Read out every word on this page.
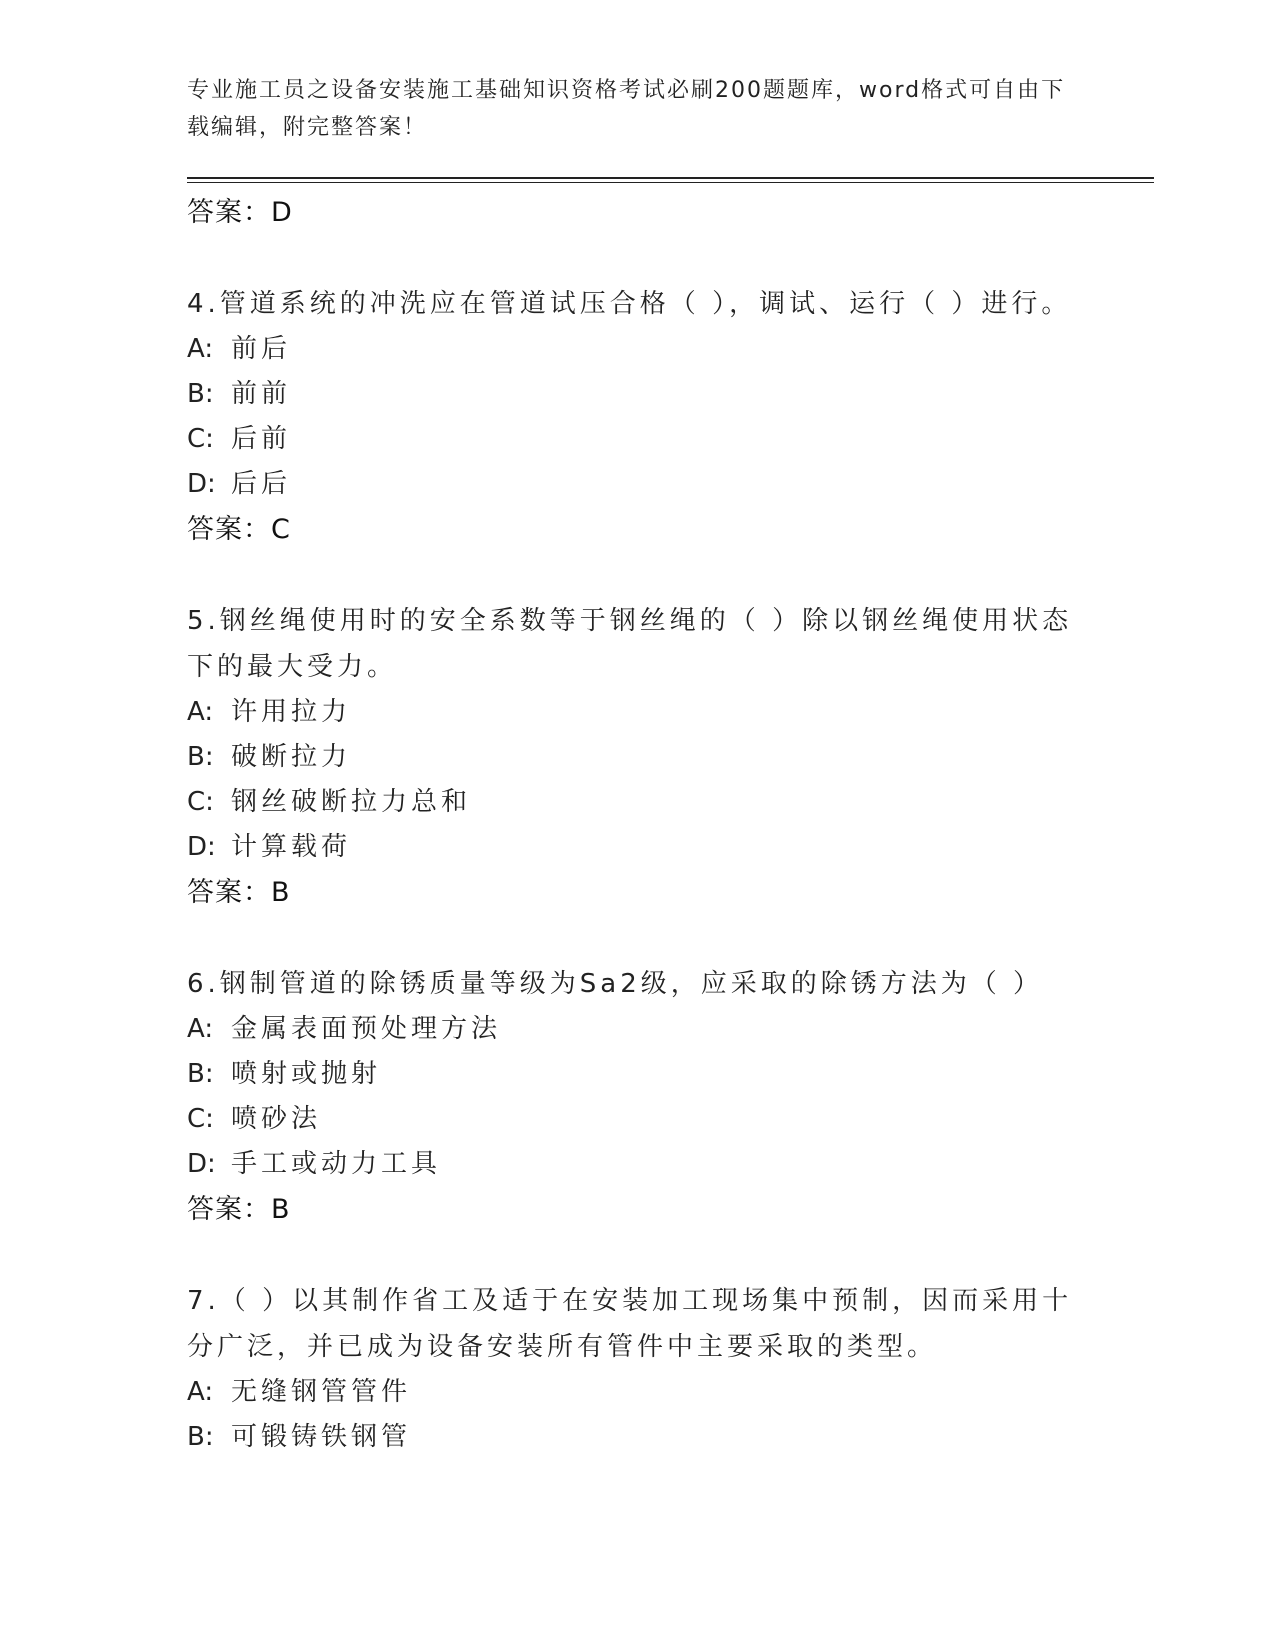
专业施工员之设备安装施工基础知识资格考试必刷200题题库，word格式可自由下载编辑，附完整答案！
答案：D
4.管道系统的冲洗应在管道试压合格（ ），调试、运行（ ）进行。
A: 前后
B: 前前
C: 后前
D: 后后
答案：C
5.钢丝绳使用时的安全系数等于钢丝绳的（ ）除以钢丝绳使用状态下的最大受力。
A: 许用拉力
B: 破断拉力
C: 钢丝破断拉力总和
D: 计算载荷
答案：B
6.钢制管道的除锈质量等级为Sa2级，应采取的除锈方法为（ ）
A: 金属表面预处理方法
B: 喷射或抛射
C: 喷砂法
D: 手工或动力工具
答案：B
7.（ ）以其制作省工及适于在安装加工现场集中预制，因而采用十分广泛，并已成为设备安装所有管件中主要采取的类型。
A: 无缝钢管管件
B: 可锻铸铁钢管
